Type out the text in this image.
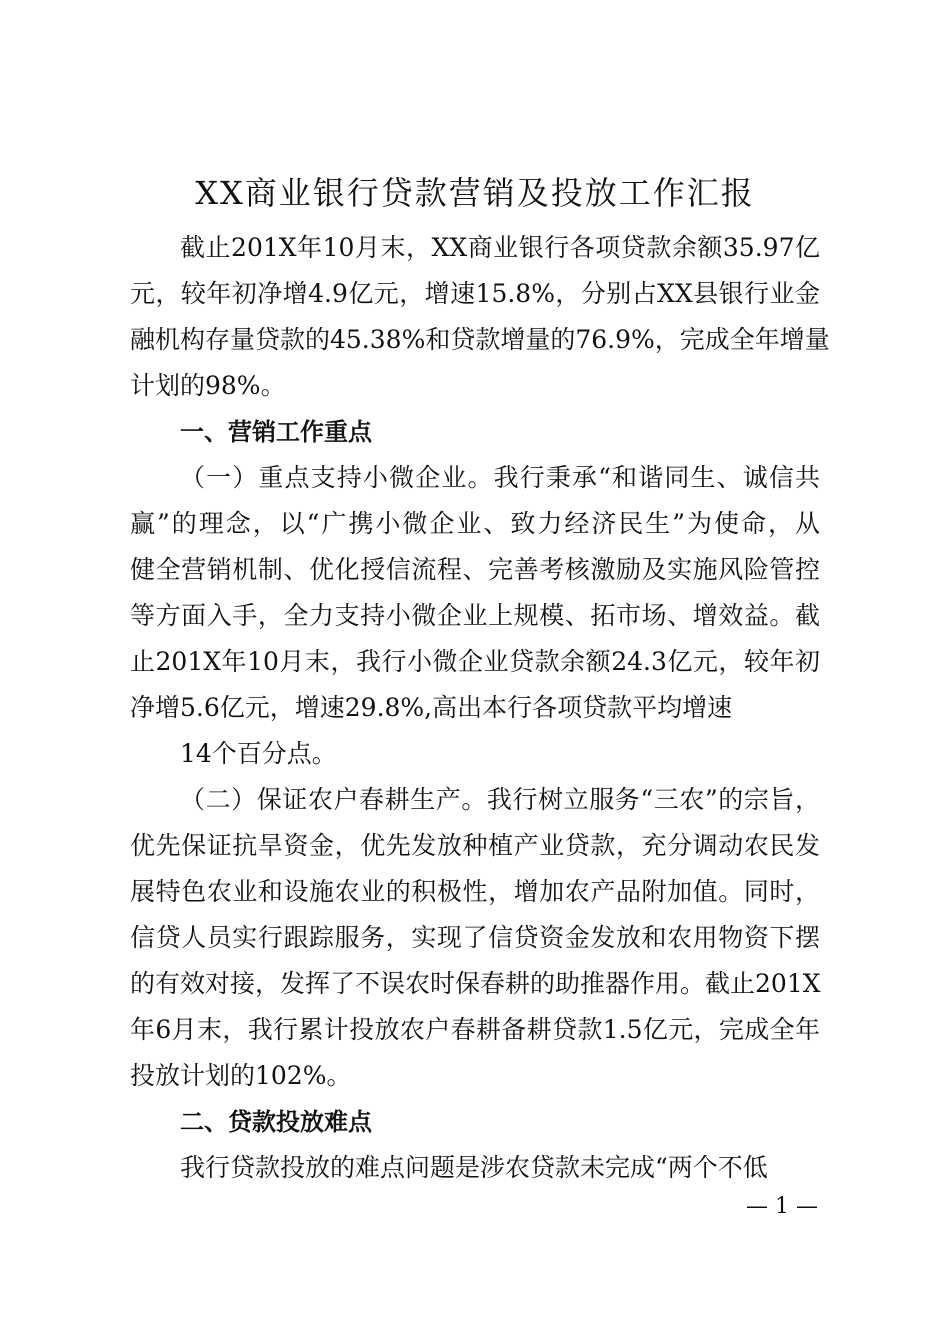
XX商业银行贷款营销及投放工作汇报
截止201X年10月末，XX商业银行各项贷款余额35.97亿
元，较年初净增4.9亿元，增速15.8%，分别占XX县银行业金
融机构存量贷款的45.38%和贷款增量的76.9%，完成全年增量
计划的98%。
一、营销工作重点
（一）重点支持小微企业。我行秉承“和谐同生、诚信共
赢”的理念，以“广携小微企业、致力经济民生”为使命，从
健全营销机制、优化授信流程、完善考核激励及实施风险管控
等方面入手，全力支持小微企业上规模、拓市场、增效益。截
止201X年10月末，我行小微企业贷款余额24.3亿元，较年初
净增5.6亿元，增速29.8%,高出本行各项贷款平均增速
14个百分点。
（二）保证农户春耕生产。我行树立服务“三农”的宗旨，
优先保证抗旱资金，优先发放种植产业贷款，充分调动农民发
展特色农业和设施农业的积极性，增加农产品附加值。同时，
信贷人员实行跟踪服务，实现了信贷资金发放和农用物资下摆
的有效对接，发挥了不误农时保春耕的助推器作用。截止201X
年6月末，我行累计投放农户春耕备耕贷款1.5亿元，完成全年
投放计划的102%。
二、贷款投放难点
我行贷款投放的难点问题是涉农贷款未完成“两个不低
— 1 —
